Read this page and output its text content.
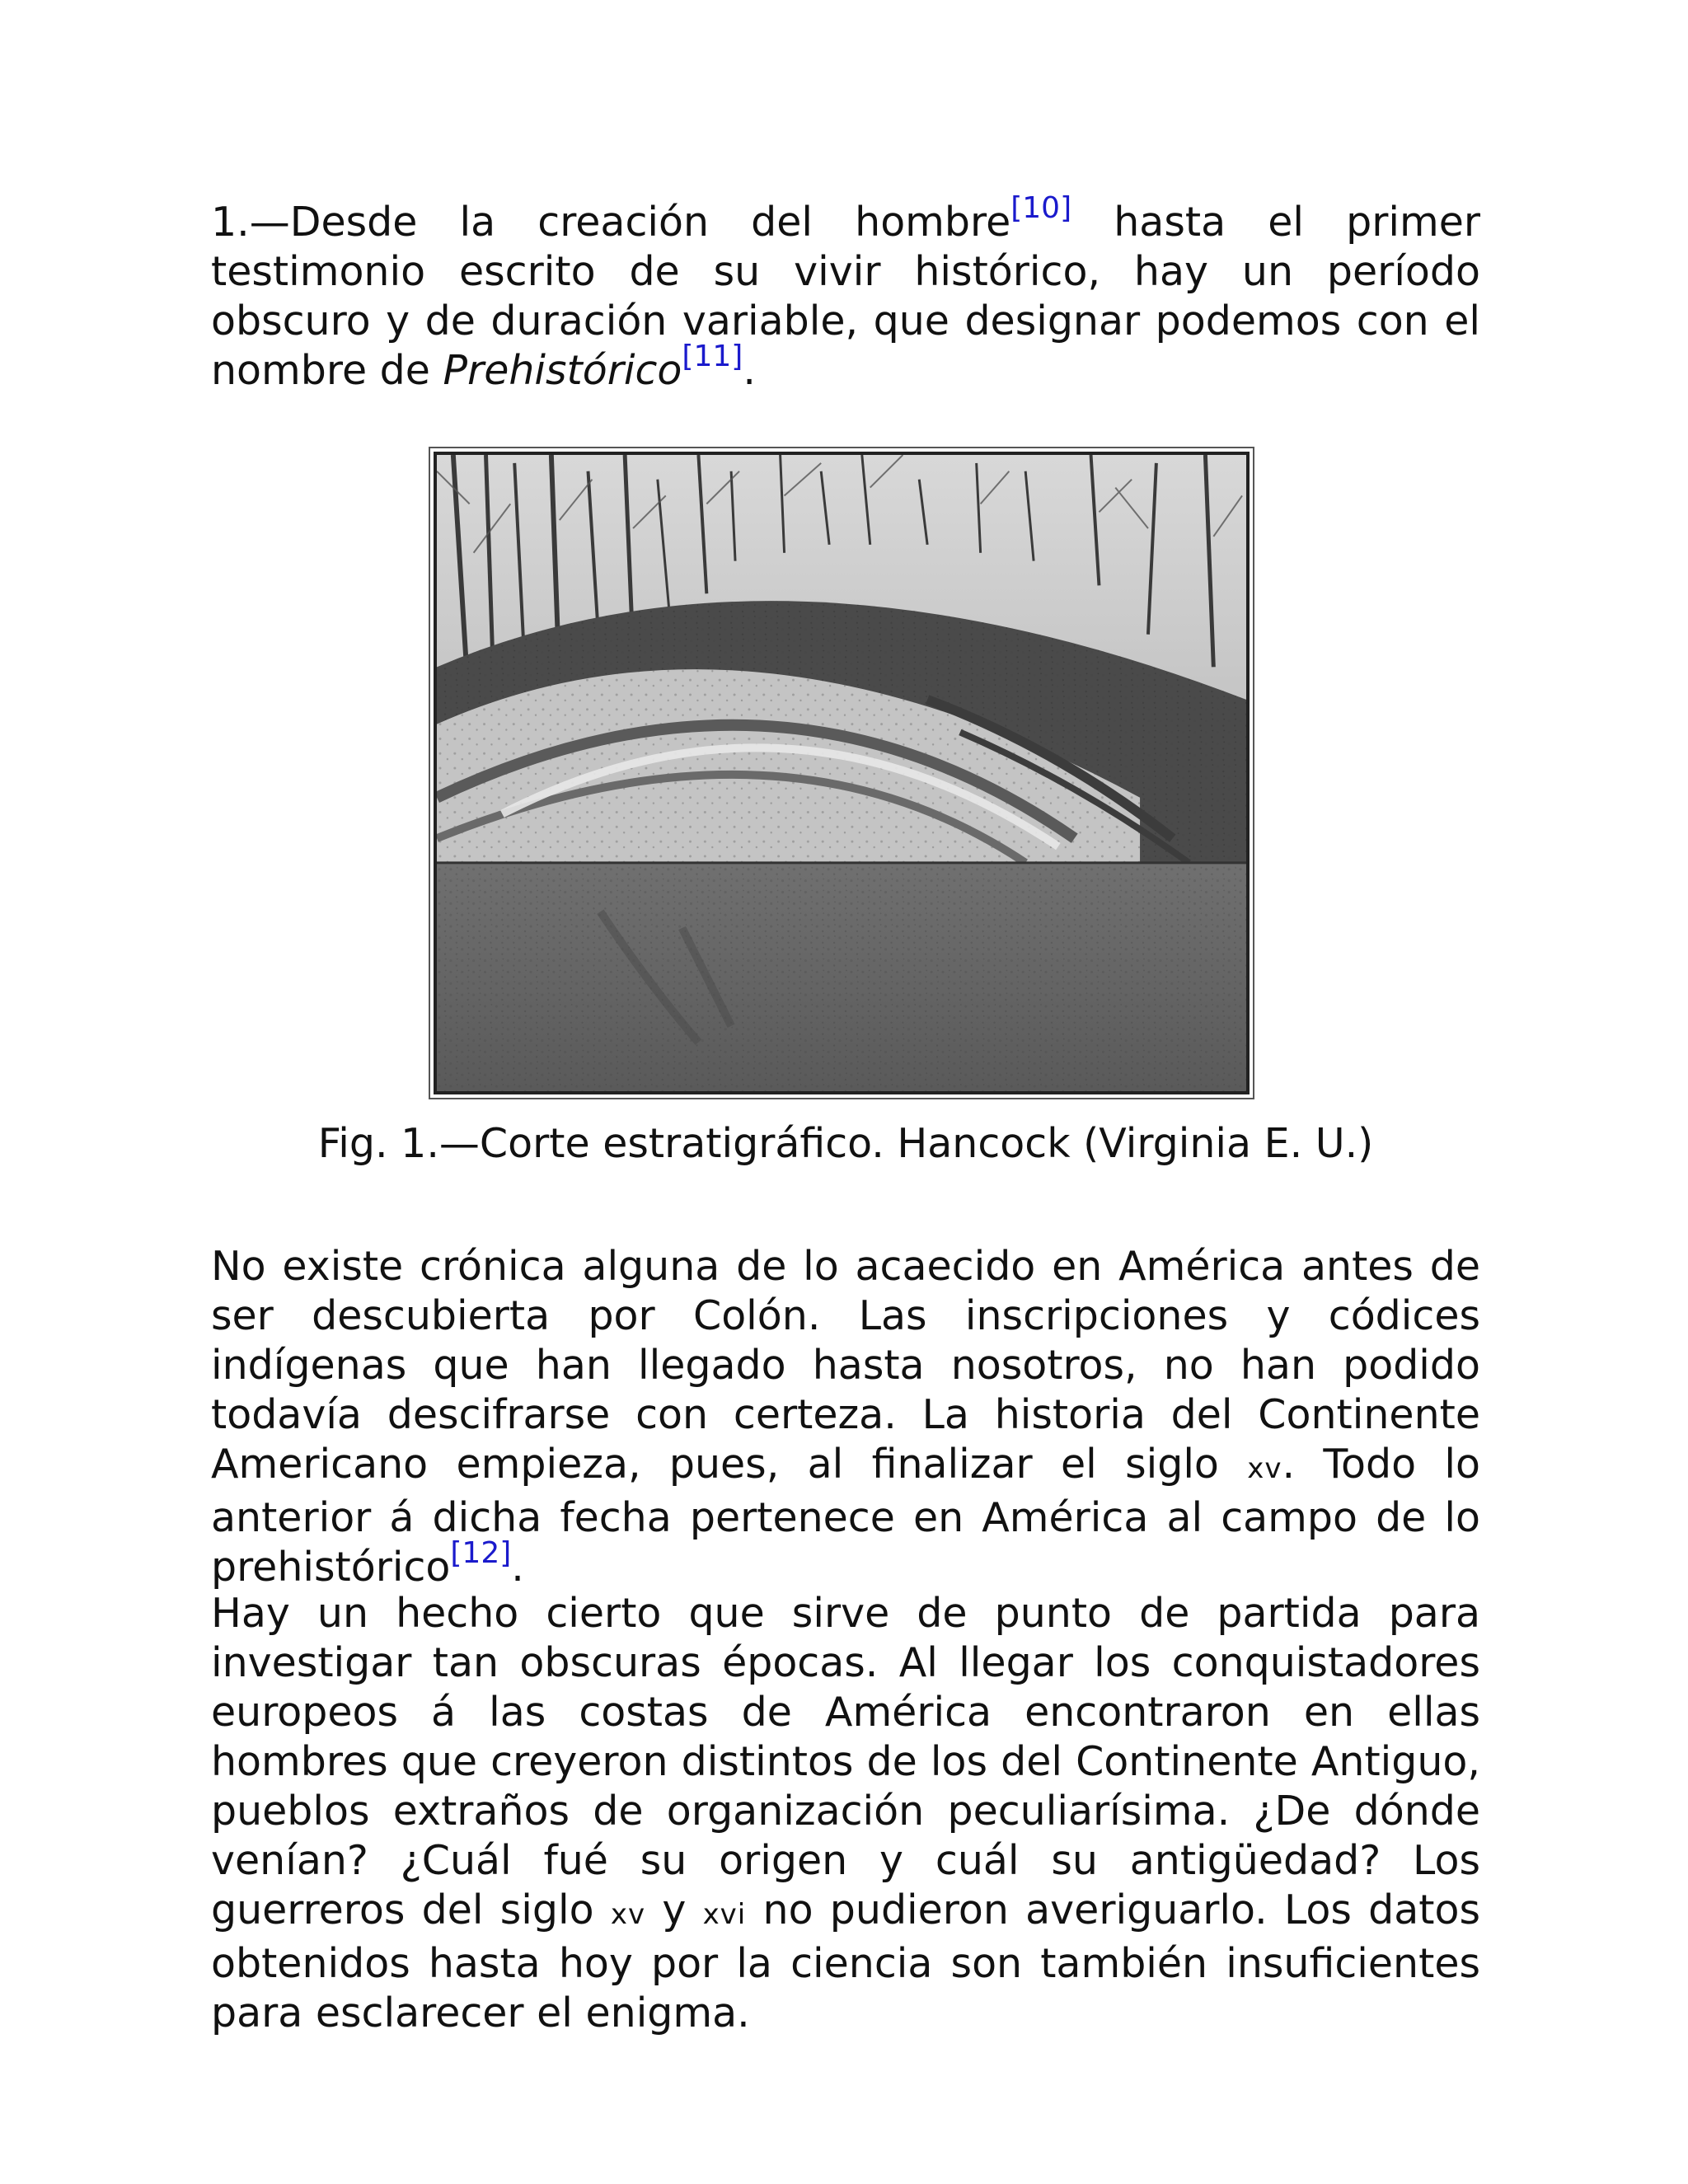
1.—Desde la creación del hombre[10] hasta el primer testimonio escrito de su vivir histórico, hay un período obscuro y de duración variable, que designar podemos con el nombre de Prehistórico[11].

Fig. 1.—Corte estratigráfico. Hancock (Virginia E. U.)

No existe crónica alguna de lo acaecido en América antes de ser descubierta por Colón. Las inscripciones y códices indígenas que han llegado hasta nosotros, no han podido todavía descifrarse con certeza. La historia del Continente Americano empieza, pues, al finalizar el siglo xv. Todo lo anterior á dicha fecha pertenece en América al campo de lo prehistórico[12].

Hay un hecho cierto que sirve de punto de partida para investigar tan obscuras épocas. Al llegar los conquistadores europeos á las costas de América encontraron en ellas hombres que creyeron distintos de los del Continente Antiguo, pueblos extraños de organización peculiarísima. ¿De dónde venían? ¿Cuál fué su origen y cuál su antigüedad? Los guerreros del siglo xv y xvi no pudieron averiguarlo. Los datos obtenidos hasta hoy por la ciencia son también insuficientes para esclarecer el enigma.
